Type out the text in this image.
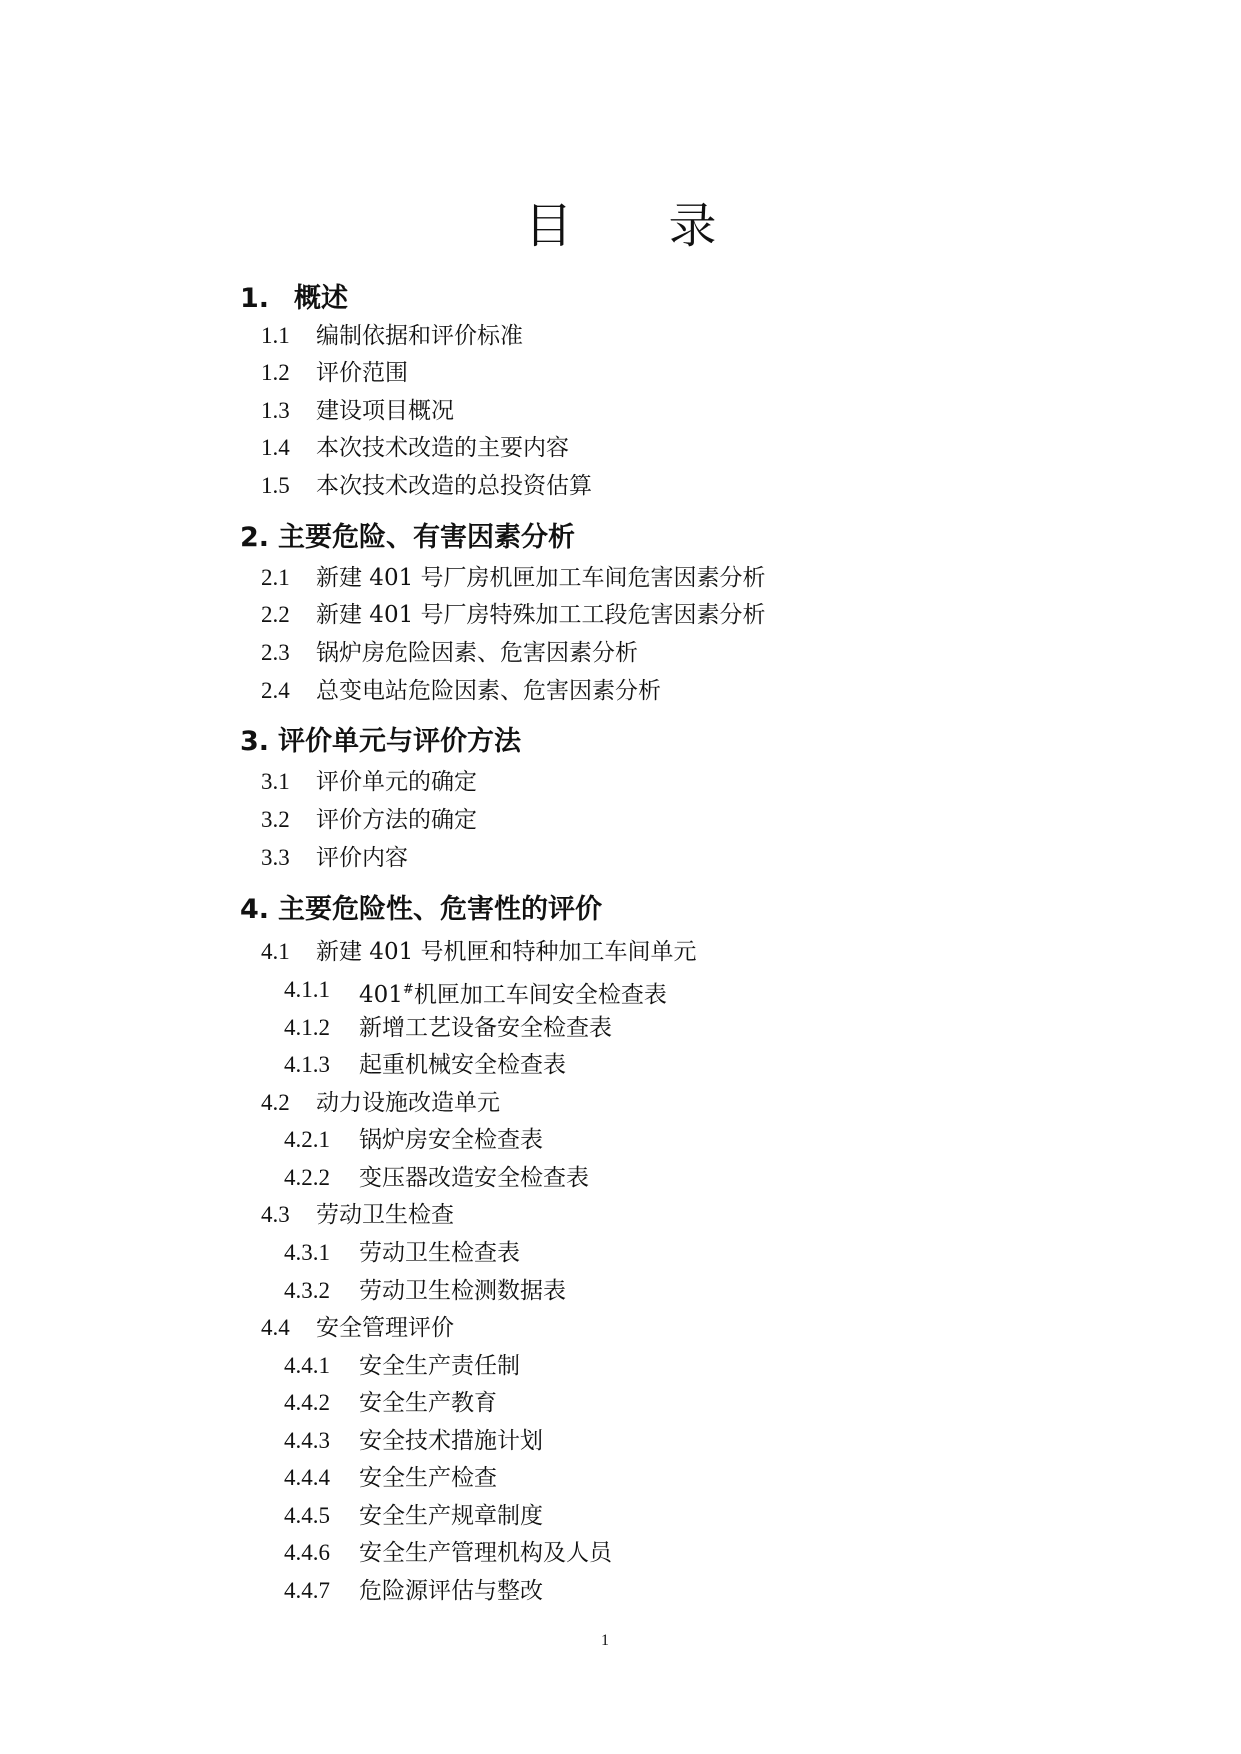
目 录
1. 概述
1.1 编制依据和评价标准
1.2 评价范围
1.3 建设项目概况
1.4 本次技术改造的主要内容
1.5 本次技术改造的总投资估算
2. 主要危险、有害因素分析
2.1 新建 401 号厂房机匣加工车间危害因素分析
2.2 新建 401 号厂房特殊加工工段危害因素分析
2.3 锅炉房危险因素、危害因素分析
2.4 总变电站危险因素、危害因素分析
3. 评价单元与评价方法
3.1 评价单元的确定
3.2 评价方法的确定
3.3 评价内容
4. 主要危险性、危害性的评价
4.1 新建 401 号机匣和特种加工车间单元
4.1.1 401#机匣加工车间安全检查表
4.1.2 新增工艺设备安全检查表
4.1.3 起重机械安全检查表
4.2 动力设施改造单元
4.2.1 锅炉房安全检查表
4.2.2 变压器改造安全检查表
4.3 劳动卫生检查
4.3.1 劳动卫生检查表
4.3.2 劳动卫生检测数据表
4.4 安全管理评价
4.4.1 安全生产责任制
4.4.2 安全生产教育
4.4.3 安全技术措施计划
4.4.4 安全生产检查
4.4.5 安全生产规章制度
4.4.6 安全生产管理机构及人员
4.4.7 危险源评估与整改
1
